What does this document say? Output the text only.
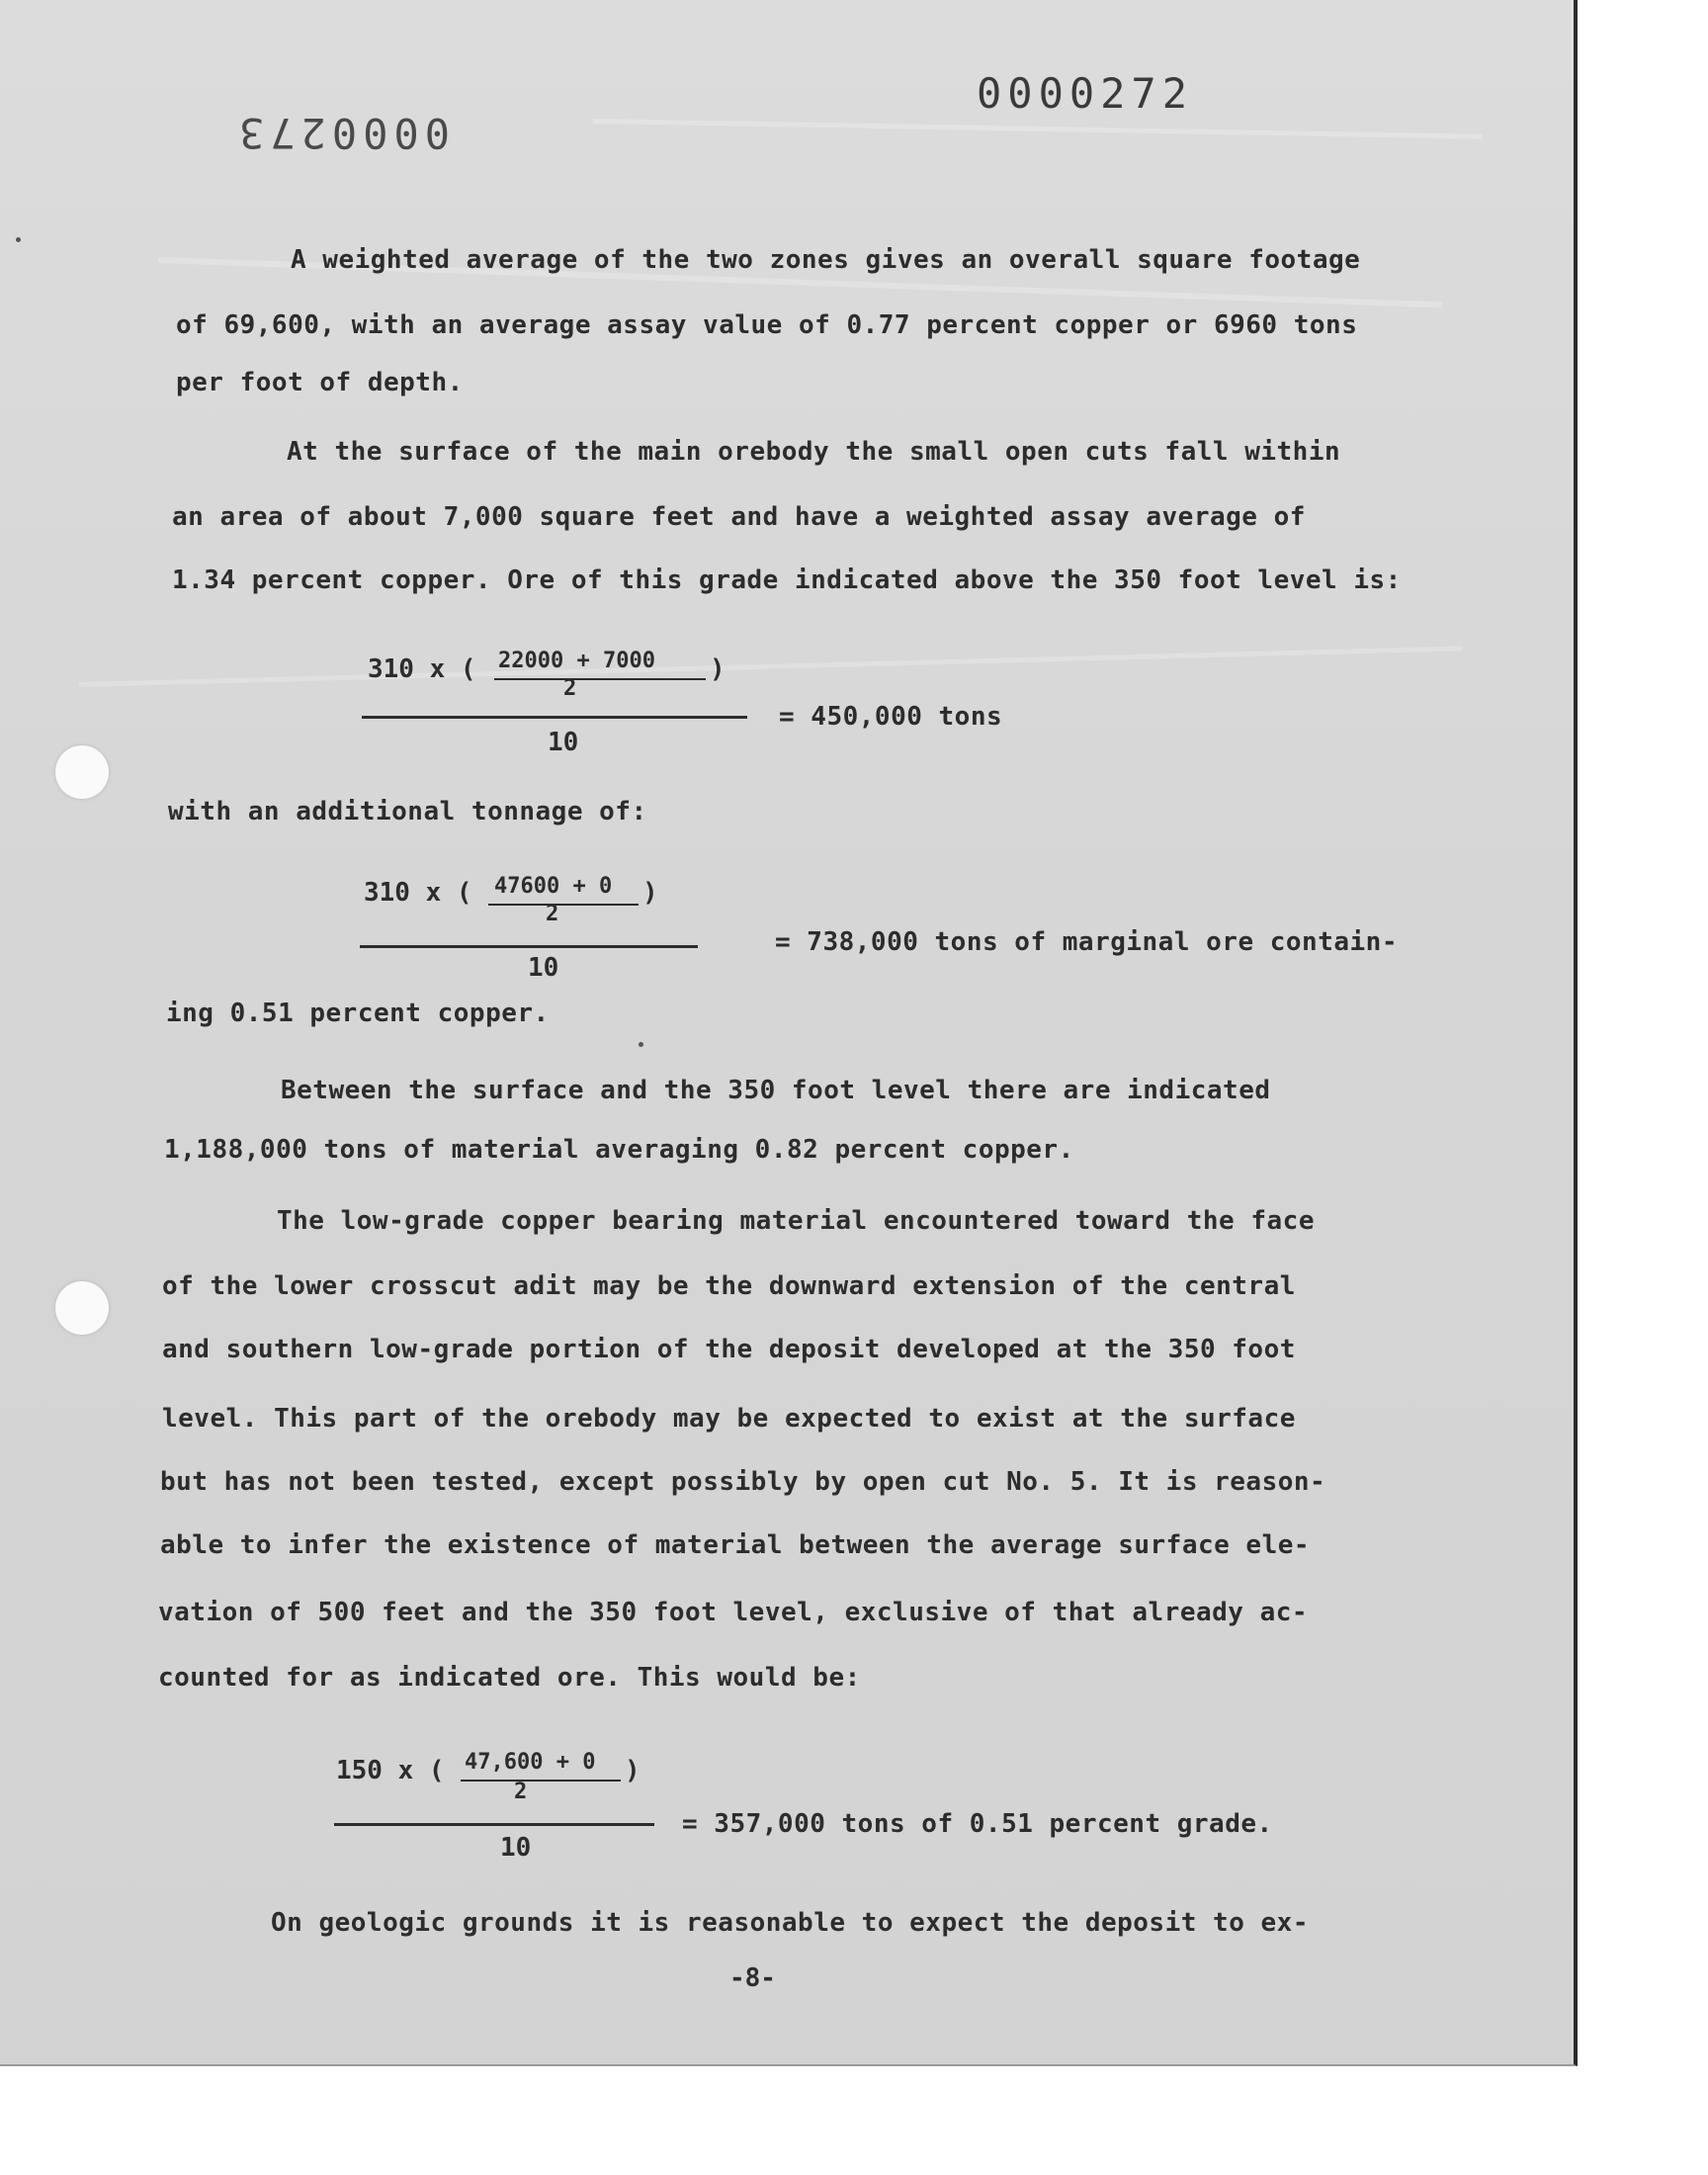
0000272
0000273
A weighted average of the two zones gives an overall square footage
of 69,600, with an average assay value of 0.77 percent copper or 6960 tons
per foot of depth.
At the surface of the main orebody the small open cuts fall within
an area of about 7,000 square feet and have a weighted assay average of
1.34 percent copper. Ore of this grade indicated above the 350 foot level is:
310 x ( 22000 + 7000 )
2
10
= 450,000 tons
with an additional tonnage of:
310 x ( 47600 + 0 )
2
10
= 738,000 tons of marginal ore contain-
ing 0.51 percent copper.
Between the surface and the 350 foot level there are indicated
1,188,000 tons of material averaging 0.82 percent copper.
The low-grade copper bearing material encountered toward the face
of the lower crosscut adit may be the downward extension of the central
and southern low-grade portion of the deposit developed at the 350 foot
level. This part of the orebody may be expected to exist at the surface
but has not been tested, except possibly by open cut No. 5. It is reason-
able to infer the existence of material between the average surface ele-
vation of 500 feet and the 350 foot level, exclusive of that already ac-
counted for as indicated ore. This would be:
150 x ( 47,600 + 0 )
2
10
= 357,000 tons of 0.51 percent grade.
On geologic grounds it is reasonable to expect the deposit to ex-
-8-
